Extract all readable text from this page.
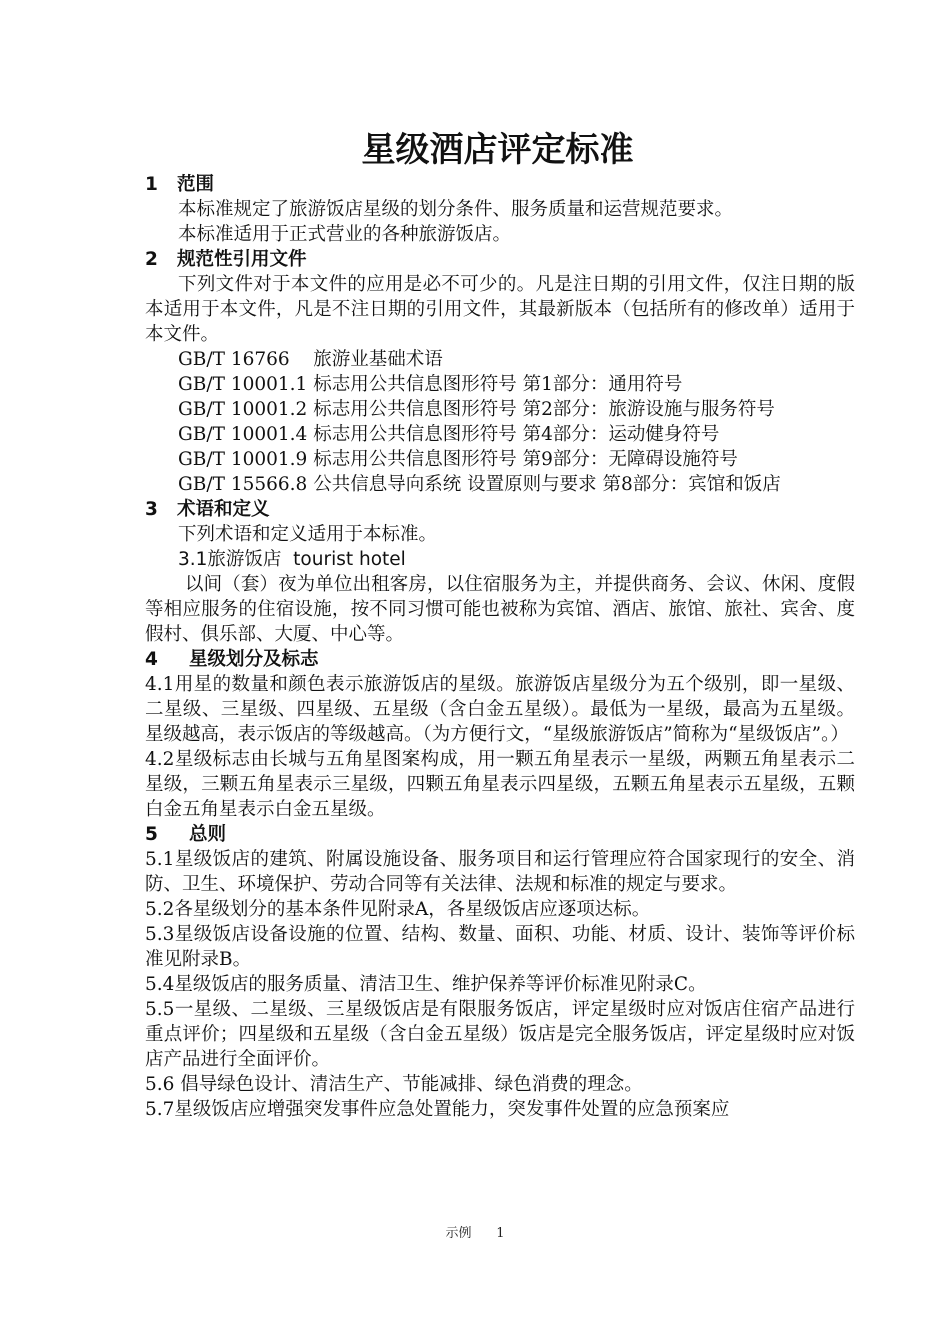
星级酒店评定标准
1 范围

本标准规定了旅游饭店星级的划分条件、服务质量和运营规范要求。

本标准适用于正式营业的各种旅游饭店。

2 规范性引用文件

下列文件对于本文件的应用是必不可少的。凡是注日期的引用文件，仅注日期的版本适用于本文件，凡是不注日期的引用文件，其最新版本（包括所有的修改单）适用于本文件。

GB/T 16766    旅游业基础术语

GB/T 10001.1 标志用公共信息图形符号 第1部分：通用符号

GB/T 10001.2 标志用公共信息图形符号 第2部分：旅游设施与服务符号

GB/T 10001.4 标志用公共信息图形符号 第4部分：运动健身符号

GB/T 10001.9 标志用公共信息图形符号 第9部分：无障碍设施符号

GB/T 15566.8 公共信息导向系统 设置原则与要求 第8部分：宾馆和饭店

3 术语和定义

下列术语和定义适用于本标准。

3.1旅游饭店  tourist hotel

以间（套）夜为单位出租客房，以住宿服务为主，并提供商务、会议、休闲、度假等相应服务的住宿设施，按不同习惯可能也被称为宾馆、酒店、旅馆、旅社、宾舍、度假村、俱乐部、大厦、中心等。

4 星级划分及标志

4.1用星的数量和颜色表示旅游饭店的星级。旅游饭店星级分为五个级别，即一星级、二星级、三星级、四星级、五星级（含白金五星级）。最低为一星级，最高为五星级。星级越高，表示饭店的等级越高。（为方便行文，“星级旅游饭店”简称为“星级饭店”。）

4.2星级标志由长城与五角星图案构成，用一颗五角星表示一星级，两颗五角星表示二星级，三颗五角星表示三星级，四颗五角星表示四星级，五颗五角星表示五星级，五颗白金五角星表示白金五星级。

5 总则

5.1星级饭店的建筑、附属设施设备、服务项目和运行管理应符合国家现行的安全、消防、卫生、环境保护、劳动合同等有关法律、法规和标准的规定与要求。

5.2各星级划分的基本条件见附录A，各星级饭店应逐项达标。

5.3星级饭店设备设施的位置、结构、数量、面积、功能、材质、设计、装饰等评价标准见附录B。

5.4星级饭店的服务质量、清洁卫生、维护保养等评价标准见附录C。

5.5一星级、二星级、三星级饭店是有限服务饭店，评定星级时应对饭店住宿产品进行重点评价；四星级和五星级（含白金五星级）饭店是完全服务饭店，评定星级时应对饭店产品进行全面评价。

5.6 倡导绿色设计、清洁生产、节能减排、绿色消费的理念。

5.7星级饭店应增强突发事件应急处置能力，突发事件处置的应急预案应

示例 1
